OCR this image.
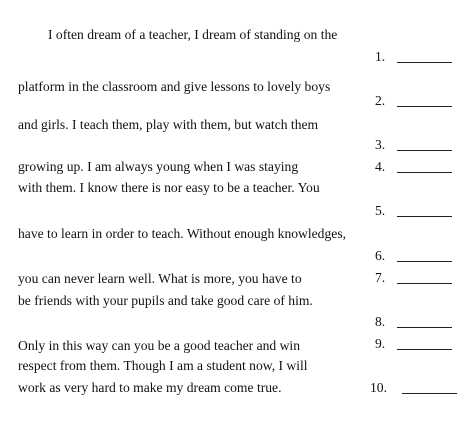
I often dream of a teacher, I dream of standing on the
platform in the classroom and give lessons to lovely boys
and girls. I teach them, play with them, but watch them
growing up. I am always young when I was staying
with them. I know there is nor easy to be a teacher. You
have to learn in order to teach. Without enough knowledges,
you can never learn well. What is more, you have to
be friends with your pupils and take good care of him.
Only in this way can you be a good teacher and win
respect from them. Though I am a student now, I will
work as very hard to make my dream come true.
1.
2.
3.
4.
5.
6.
7.
8.
9.
10.
